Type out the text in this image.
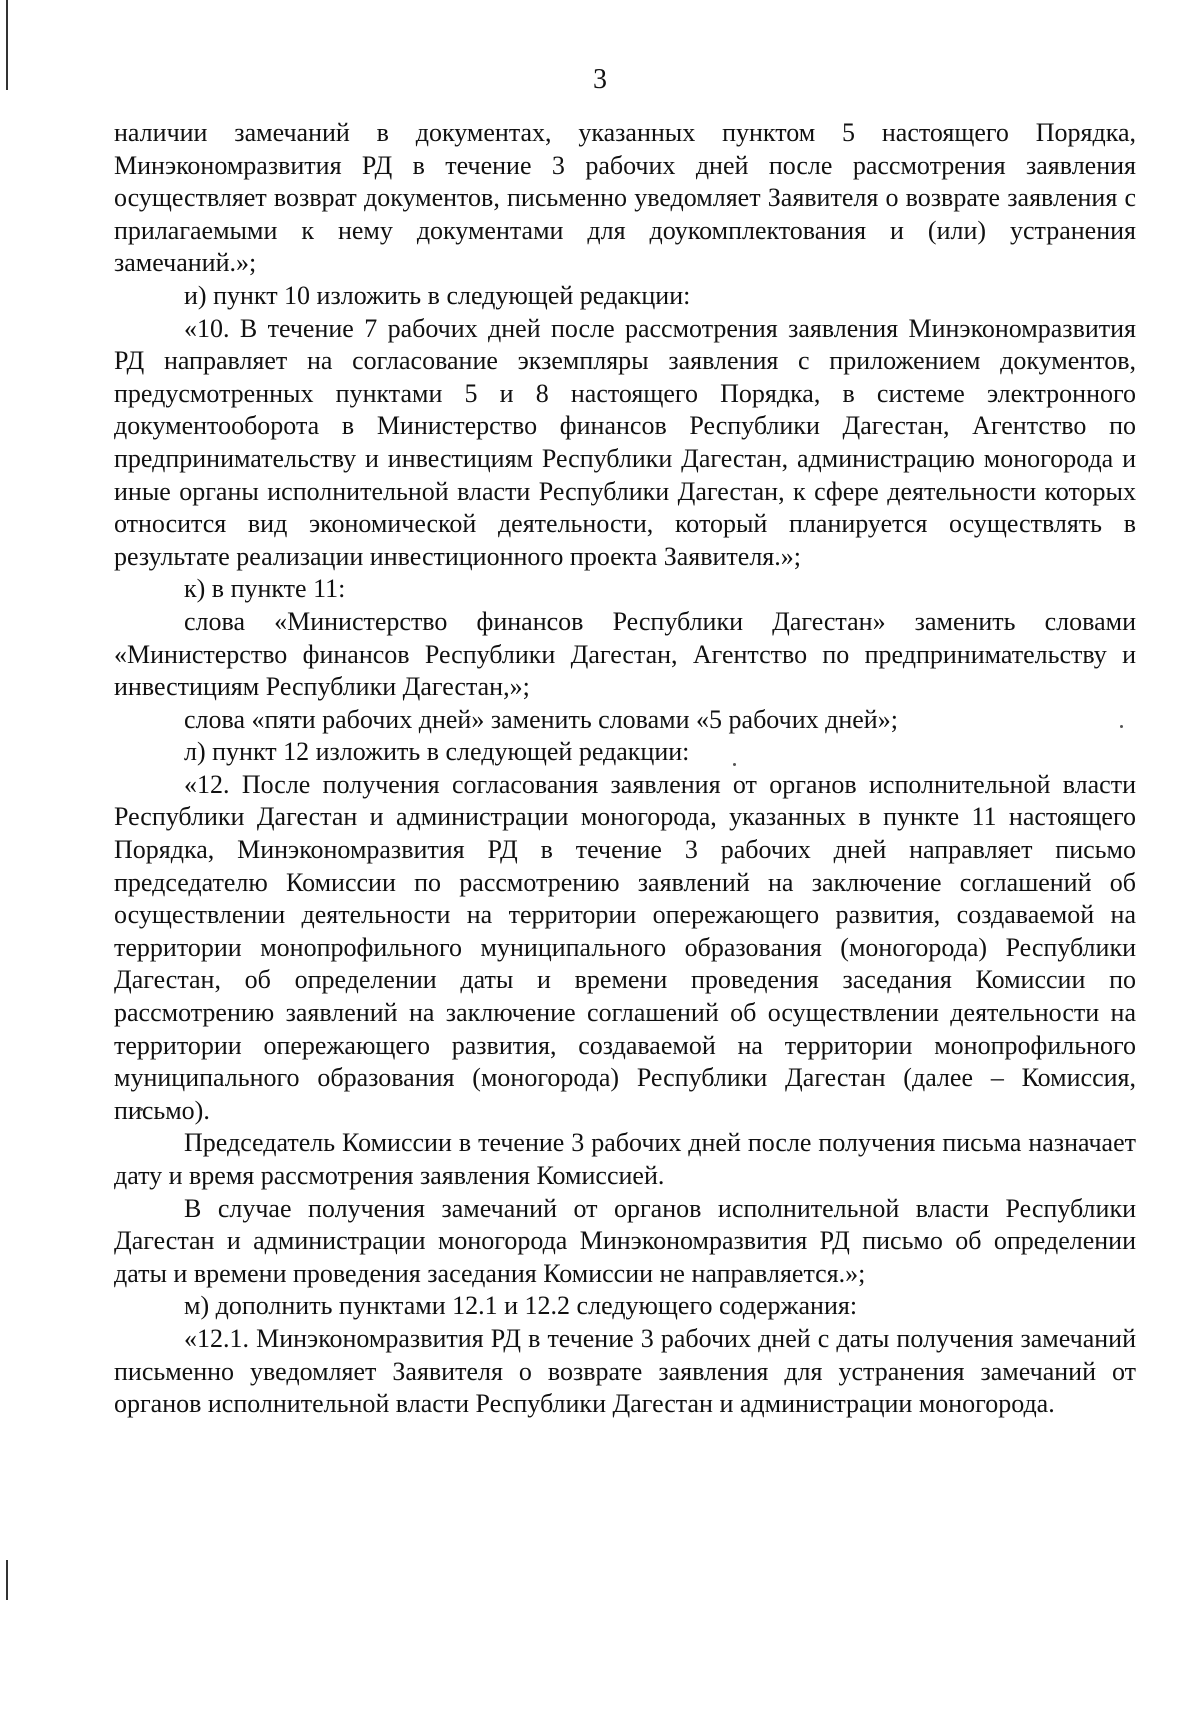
3

наличии замечаний в документах, указанных пунктом 5 настоящего Порядка, Минэкономразвития РД в течение 3 рабочих дней после рассмотрения заявления осуществляет возврат документов, письменно уведомляет Заявителя о возврате заявления с прилагаемыми к нему документами для доукомплектования и (или) устранения замечаний.»;

и) пункт 10 изложить в следующей редакции:

«10. В течение 7 рабочих дней после рассмотрения заявления Минэкономразвития РД направляет на согласование экземпляры заявления с приложением документов, предусмотренных пунктами 5 и 8 настоящего Порядка, в системе электронного документооборота в Министерство финансов Республики Дагестан, Агентство по предпринимательству и инвестициям Республики Дагестан, администрацию моногорода и иные органы исполнительной власти Республики Дагестан, к сфере деятельности которых относится вид экономической деятельности, который планируется осуществлять в результате реализации инвестиционного проекта Заявителя.»;

к) в пункте 11:

слова «Министерство финансов Республики Дагестан» заменить словами «Министерство финансов Республики Дагестан, Агентство по предпринимательству и инвестициям Республики Дагестан,»;

слова «пяти рабочих дней» заменить словами «5 рабочих дней»;

л) пункт 12 изложить в следующей редакции:

«12. После получения согласования заявления от органов исполнительной власти Республики Дагестан и администрации моногорода, указанных в пункте 11 настоящего Порядка, Минэкономразвития РД в течение 3 рабочих дней направляет письмо председателю Комиссии по рассмотрению заявлений на заключение соглашений об осуществлении деятельности на территории опережающего развития, создаваемой на территории монопрофильного муниципального образования (моногорода) Республики Дагестан, об определении даты и времени проведения заседания Комиссии по рассмотрению заявлений на заключение соглашений об осуществлении деятельности на территории опережающего развития, создаваемой на территории монопрофильного муниципального образования (моногорода) Республики Дагестан (далее – Комиссия, письмо).

Председатель Комиссии в течение 3 рабочих дней после получения письма назначает дату и время рассмотрения заявления Комиссией.

В случае получения замечаний от органов исполнительной власти Республики Дагестан и администрации моногорода Минэкономразвития РД письмо об определении даты и времени проведения заседания Комиссии не направляется.»;

м) дополнить пунктами 12.1 и 12.2 следующего содержания:

«12.1. Минэкономразвития РД в течение 3 рабочих дней с даты получения замечаний письменно уведомляет Заявителя о возврате заявления для устранения замечаний от органов исполнительной власти Республики Дагестан и администрации моногорода.
